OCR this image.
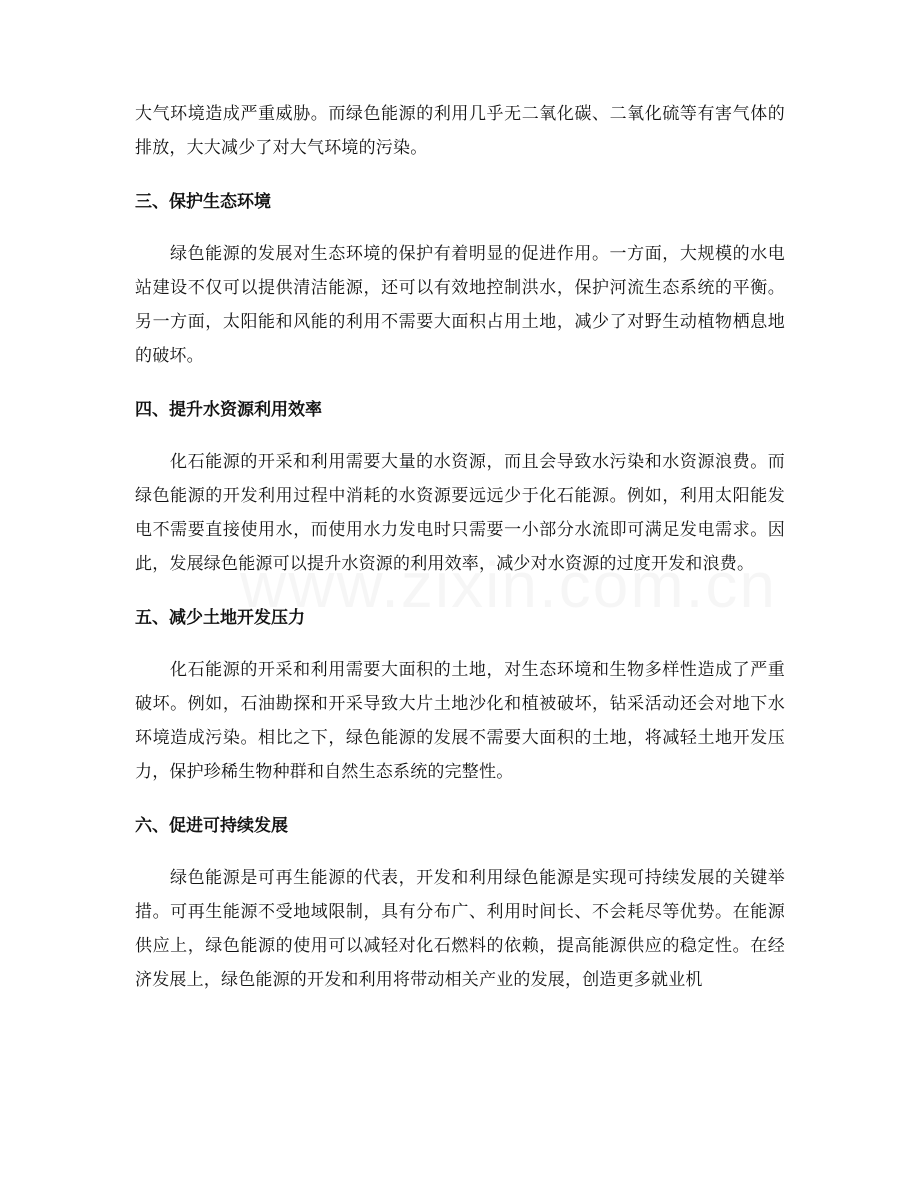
大气环境造成严重威胁。而绿色能源的利用几乎无二氧化碳、二氧化硫等有害气体的排放，大大减少了对大气环境的污染。

三、保护生态环境

绿色能源的发展对生态环境的保护有着明显的促进作用。一方面，大规模的水电站建设不仅可以提供清洁能源，还可以有效地控制洪水，保护河流生态系统的平衡。另一方面，太阳能和风能的利用不需要大面积占用土地，减少了对野生动植物栖息地的破坏。

四、提升水资源利用效率

化石能源的开采和利用需要大量的水资源，而且会导致水污染和水资源浪费。而绿色能源的开发利用过程中消耗的水资源要远远少于化石能源。例如，利用太阳能发电不需要直接使用水，而使用水力发电时只需要一小部分水流即可满足发电需求。因此，发展绿色能源可以提升水资源的利用效率，减少对水资源的过度开发和浪费。

五、减少土地开发压力

化石能源的开采和利用需要大面积的土地，对生态环境和生物多样性造成了严重破坏。例如，石油勘探和开采导致大片土地沙化和植被破坏，钻采活动还会对地下水环境造成污染。相比之下，绿色能源的发展不需要大面积的土地，将减轻土地开发压力，保护珍稀生物种群和自然生态系统的完整性。

六、促进可持续发展

绿色能源是可再生能源的代表，开发和利用绿色能源是实现可持续发展的关键举措。可再生能源不受地域限制，具有分布广、利用时间长、不会耗尽等优势。在能源供应上，绿色能源的使用可以减轻对化石燃料的依赖，提高能源供应的稳定性。在经济发展上，绿色能源的开发和利用将带动相关产业的发展，创造更多就业机
